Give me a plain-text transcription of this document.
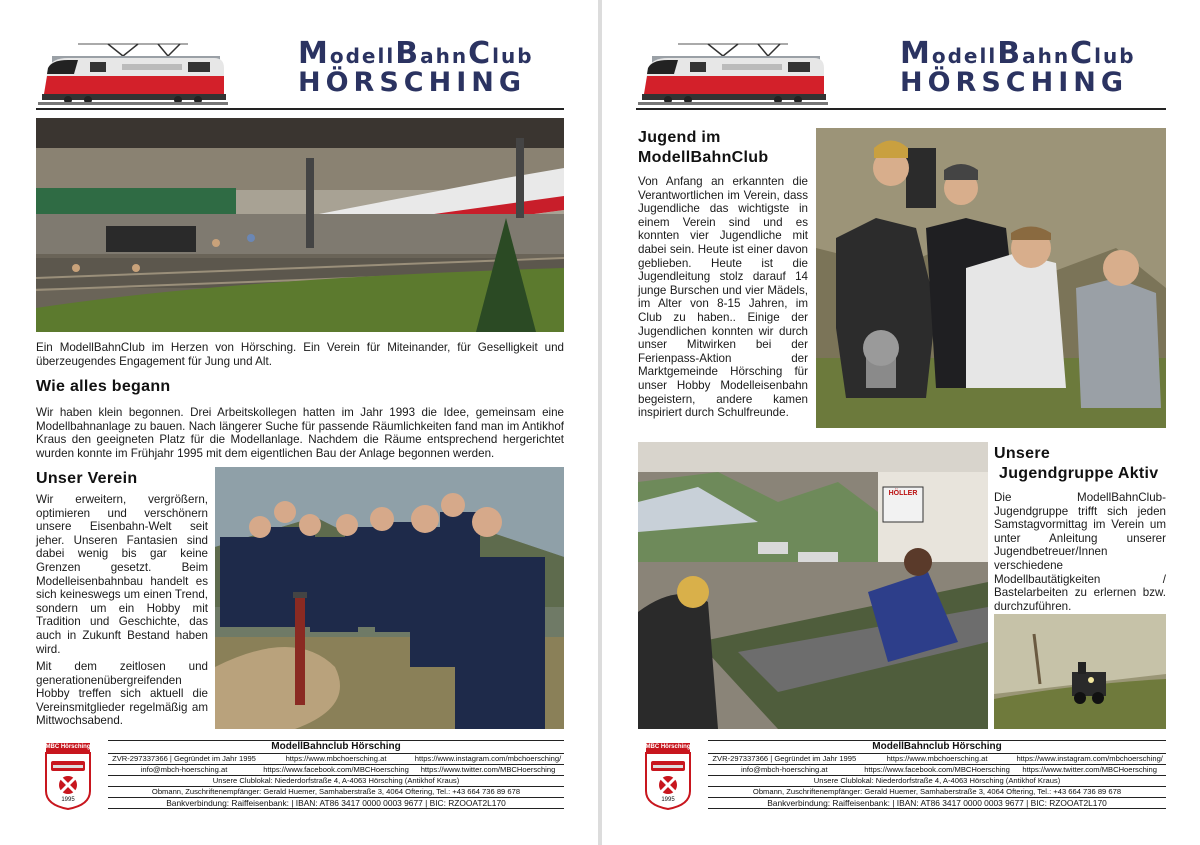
ModellBahnClub
HÖRSCHING
Ein ModellBahnClub im Herzen von Hörsching. Ein Verein für Miteinander, für Geselligkeit und überzeugendes Engagement für Jung und Alt.
Wie alles begann
Wir haben klein begonnen. Drei Arbeitskollegen hatten im Jahr 1993 die Idee, gemeinsam eine Modellbahnanlage zu bauen. Nach längerer Suche für passende Räumlichkeiten fand man im Antikhof Kraus den geeigneten Platz für die Modellanlage. Nachdem die Räume entsprechend hergerichtet wurden konnte im Frühjahr 1995 mit dem eigentlichen Bau der Anlage begonnen werden.
Unser Verein
Wir erweitern, vergrößern, optimieren und verschönern unsere Eisenbahn-Welt seit jeher. Unseren Fantasien sind dabei wenig bis gar keine Grenzen gesetzt. Beim Modelleisenbahnbau handelt es sich keineswegs um einen Trend, sondern um ein Hobby mit Tradition und Geschichte, das auch in Zukunft Bestand haben wird.
Mit dem zeitlosen und generationenübergreifenden Hobby treffen sich aktuell die Vereinsmitglieder regelmäßig am Mittwochsabend.
MBC Hörsching
1995
ModellBahnclub Hörsching
ZVR-297337366 | Gegründet im Jahr 1995
info@mbch-hoersching.at
https://www.mbchoersching.at
https://www.facebook.com/MBCHoersching
https://www.instagram.com/mbchoersching/
https://www.twitter.com/MBCHoersching
Unsere Clublokal: Niederdorfstraße 4, A-4063 Hörsching (Antikhof Kraus)
Obmann, Zuschriftenempfänger: Gerald Huemer, Samhaberstraße 3, 4064 Oftering, Tel.: +43 664 736 89 678
Bankverbindung: Raiffeisenbank: | IBAN: AT86 3417 0000 0003 9677 | BIC: RZOOAT2L170
ModellBahnClub
HÖRSCHING
Jugend im
ModellBahnClub
Von Anfang an erkannten die Verantwortlichen im Verein, dass Jugendliche das wichtigste in einem Verein sind und es konnten vier Jugendliche mit dabei sein. Heute ist einer davon geblieben. Heute ist die Jugendleitung stolz darauf 14 junge Burschen und vier Mädels, im Alter von 8-15 Jahren, im Club zu haben.. Einige der Jugendlichen konnten wir durch unser Mitwirken bei der Ferienpass-Aktion der Marktgemeinde Hörsching für unser Hobby Modelleisenbahn begeistern, andere kamen inspiriert durch Schulfreunde.
HÖLLER
Unsere
Jugendgruppe Aktiv
Die ModellBahnClub-Jugendgruppe trifft sich jeden Samstagvormittag im Verein um unter Anleitung unserer Jugendbetreuer/Innen verschiedene Modellbautätigkeiten / Bastelarbeiten zu erlernen bzw. durchzuführen.
MBC Hörsching
1995
ModellBahnclub Hörsching
ZVR-297337366 | Gegründet im Jahr 1995
info@mbch-hoersching.at
https://www.mbchoersching.at
https://www.facebook.com/MBCHoersching
https://www.instagram.com/mbchoersching/
https://www.twitter.com/MBCHoersching
Unsere Clublokal: Niederdorfstraße 4, A-4063 Hörsching (Antikhof Kraus)
Obmann, Zuschriftenempfänger: Gerald Huemer, Samhaberstraße 3, 4064 Oftering, Tel.: +43 664 736 89 678
Bankverbindung: Raiffeisenbank: | IBAN: AT86 3417 0000 0003 9677 | BIC: RZOOAT2L170
